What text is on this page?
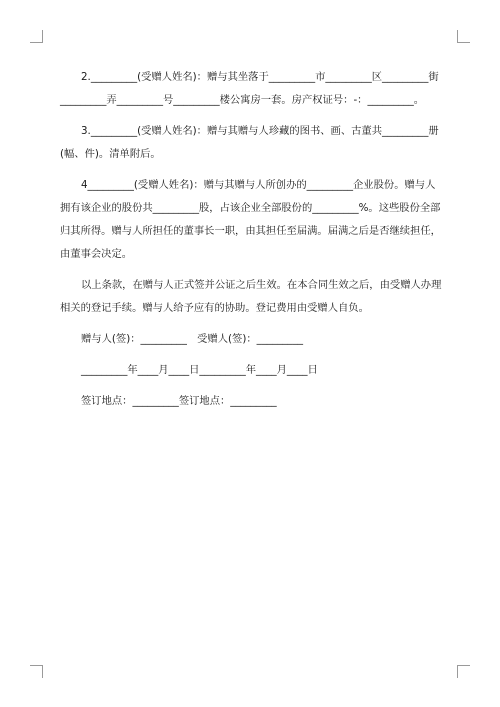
2._________(受赠人姓名)：赠与其坐落于_________市_________区_________街_________弄_________号_________楼公寓房一套。房产权证号：-：_________。

3._________(受赠人姓名)：赠与其赠与人珍藏的图书、画、古董共_________册(幅、件)。清单附后。

4_________(受赠人姓名)：赠与其赠与人所创办的_________企业股份。赠与人拥有该企业的股份共_________股，占该企业全部股份的_________%。这些股份全部归其所得。赠与人所担任的董事长一职，由其担任至届满。届满之后是否继续担任，由董事会决定。

以上条款，在赠与人正式签并公证之后生效。在本合同生效之后，由受赠人办理相关的登记手续。赠与人给予应有的协助。登记费用由受赠人自负。

赠与人(签)：_________　受赠人(签)：_________
_________年____月____日_________年____月____日
签订地点：_________签订地点：_________
